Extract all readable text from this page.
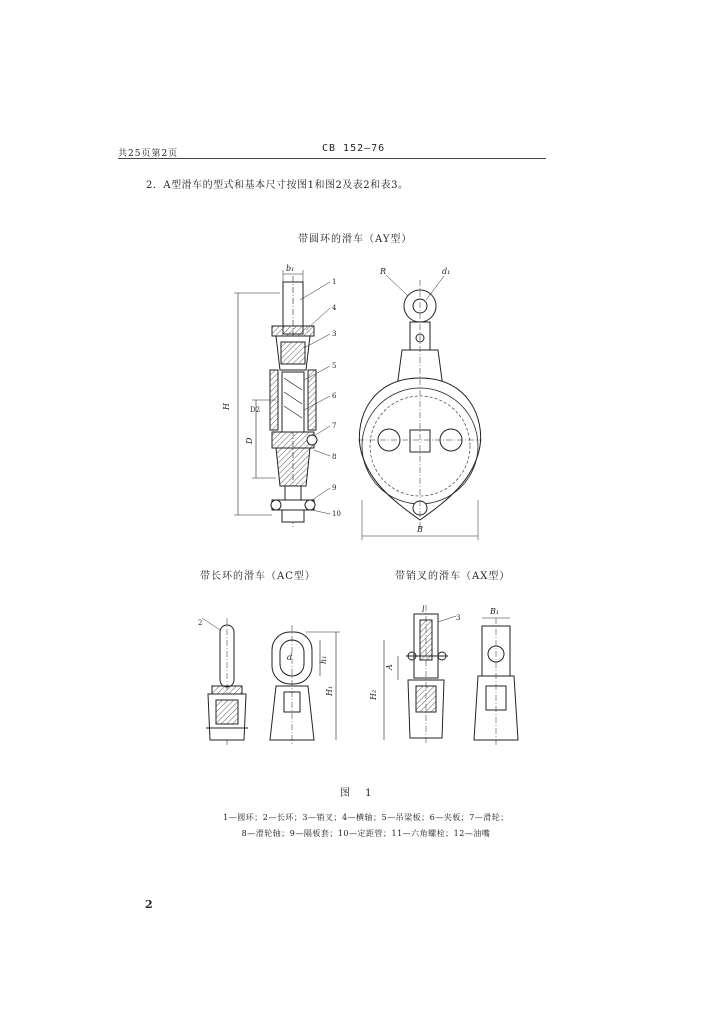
共25页第2页	CB 152—76
2．A型滑车的型式和基本尺寸按图1和图2及表2和表3。
带圆环的滑车（AY型）
带长环的滑车（AC型）	带销叉的滑车（AX型）
图 1
1—圆环；2—长环；3—销叉；4—横轴；5—吊梁板；6—夹板；7—滑轮；
8—滑轮轴；9—隔板套；10—定距管；11—六角螺栓；12—油嘴
2
b₁
H
D
D2
1
4
3
5
6
7
8
9
10
R	d₁
B
2
d	h₁
H₁
3
H₂
A
B₁
l
